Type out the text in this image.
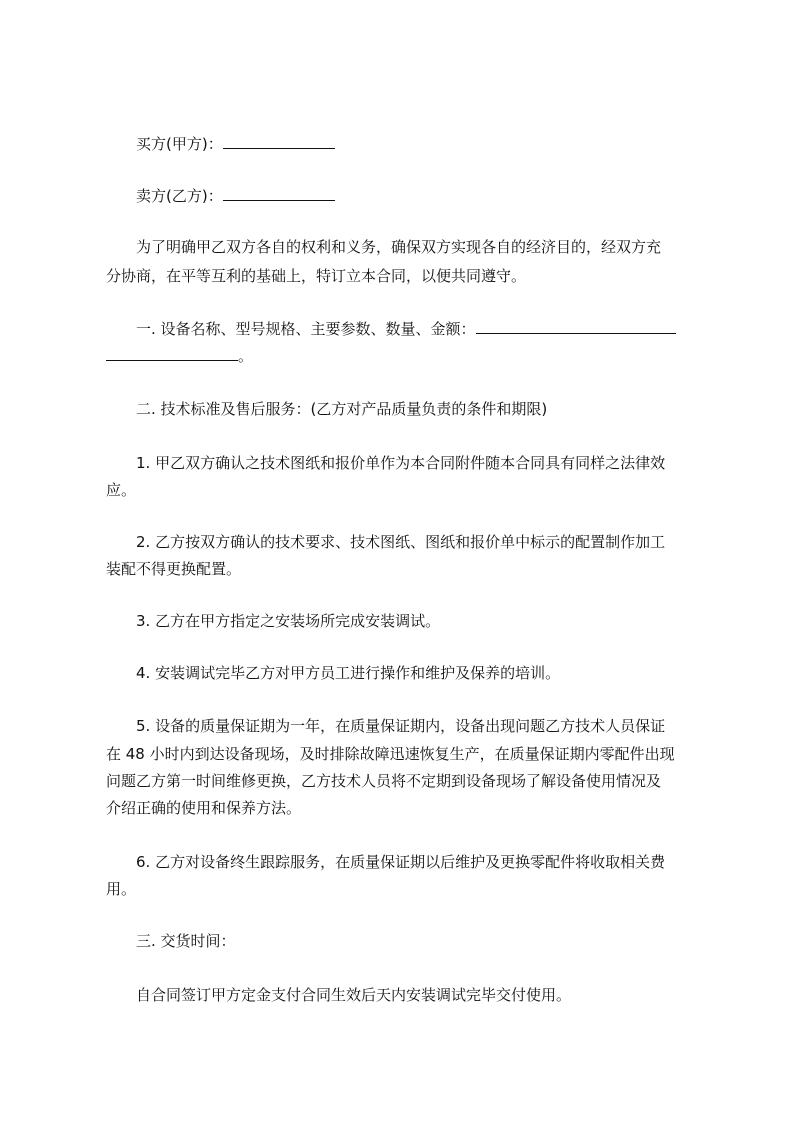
买方(甲方)：
卖方(乙方)：
为了明确甲乙双方各自的权利和义务，确保双方实现各自的经济目的，经双方充
分协商，在平等互利的基础上，特订立本合同，以便共同遵守。
一. 设备名称、型号规格、主要参数、数量、金额：
。
二. 技术标准及售后服务：(乙方对产品质量负责的条件和期限)
1. 甲乙双方确认之技术图纸和报价单作为本合同附件随本合同具有同样之法律效
应。
2. 乙方按双方确认的技术要求、技术图纸、图纸和报价单中标示的配置制作加工
装配不得更换配置。
3. 乙方在甲方指定之安装场所完成安装调试。
4. 安装调试完毕乙方对甲方员工进行操作和维护及保养的培训。
5. 设备的质量保证期为一年，在质量保证期内，设备出现问题乙方技术人员保证
在 48 小时内到达设备现场，及时排除故障迅速恢复生产，在质量保证期内零配件出现
问题乙方第一时间维修更换，乙方技术人员将不定期到设备现场了解设备使用情况及
介绍正确的使用和保养方法。
6. 乙方对设备终生跟踪服务，在质量保证期以后维护及更换零配件将收取相关费
用。
三. 交货时间：
自合同签订甲方定金支付合同生效后天内安装调试完毕交付使用。
